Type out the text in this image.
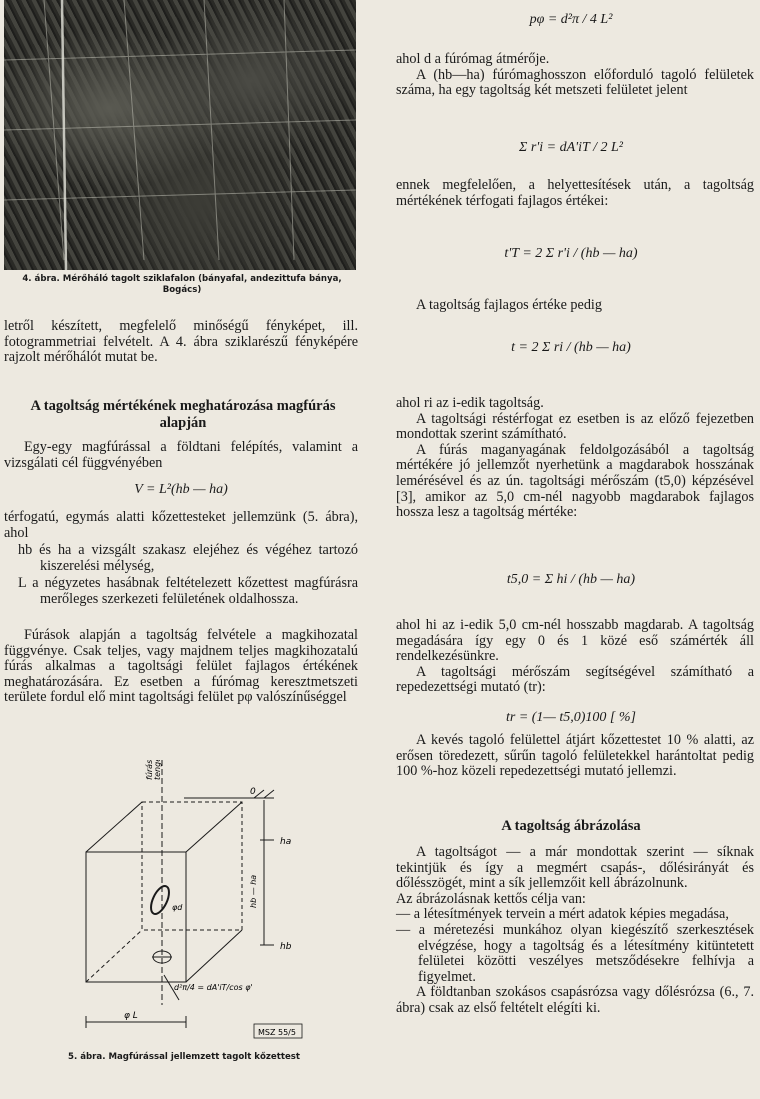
4. ábra. Mérőháló tagolt sziklafalon (bányafal, andezittufa bánya, Bogács)

letről készített, megfelelő minőségű fényképet, ill. fotogrammetriai felvételt. A 4. ábra sziklarészű fényképére rajzolt mérőhálót mutat be.

A tagoltság mértékének meghatározása magfúrás alapján

Egy-egy magfúrással a földtani felépítés, valamint a vizsgálati cél függvényében

V = L²(hb — ha)

térfogatú, egymás alatti kőzettesteket jellemzünk (5. ábra), ahol

hb és ha a vizsgált szakasz elejéhez és végéhez tartozó kiszerelési mélység,

L a négyzetes hasábnak feltételezett kőzettest magfúrásra merőleges szerkezeti felületének oldalhossza.

Fúrások alapján a tagoltság felvétele a magkihozatal függvénye. Csak teljes, vagy majdnem teljes magkihozatalú fúrás alkalmas a tagoltsági felület fajlagos értékének meghatározására. Ez esetben a fúrómag keresztmetszeti területe fordul elő mint tagoltsági felület pφ valószínűséggel

fúrás tengelye
0
ha
hb
hb — ha
φd
d²π/4 = dA'iT/cos φ'
φ L
MSZ 55/5
5. ábra. Magfúrással jellemzett tagolt kőzettest
pφ = d²π / 4 L²

ahol d a fúrómag átmérője.

A (hb—ha) fúrómaghosszon előforduló tagoló felületek száma, ha egy tagoltság két metszeti felületet jelent

Σ r'i = dA'iT / 2 L²

ennek megfelelően, a helyettesítések után, a tagoltság mértékének térfogati fajlagos értékei:

t'T = 2 Σ r'i / (hb — ha)

A tagoltság fajlagos értéke pedig

t = 2 Σ ri / (hb — ha)

ahol ri az i-edik tagoltság.

A tagoltsági réstérfogat ez esetben is az előző fejezetben mondottak szerint számítható.

A fúrás maganyagának feldolgozásából a tagoltság mértékére jó jellemzőt nyerhetünk a magdarabok hosszának lemérésével és az ún. tagoltsági mérőszám (t5,0) képzésével [3], amikor az 5,0 cm-nél nagyobb magdarabok fajlagos hossza lesz a tagoltság mértéke:

t5,0 = Σ hi / (hb — ha)

ahol hi az i-edik 5,0 cm-nél hosszabb magdarab. A tagoltság megadására így egy 0 és 1 közé eső számérték áll rendelkezésünkre.

A tagoltsági mérőszám segítségével számítható a repedezettségi mutató (tr):

tr = (1— t5,0)100 [ %]

A kevés tagoló felülettel átjárt kőzettestet 10 % alatti, az erősen töredezett, sűrűn tagoló felületekkel harántoltat pedig 100 %-hoz közeli repedezettségi mutató jellemzi.

A tagoltság ábrázolása

A tagoltságot — a már mondottak szerint — síknak tekintjük és így a megmért csapás-, dőlésirányát és dőlésszögét, mint a sík jellemzőit kell ábrázolnunk.

Az ábrázolásnak kettős célja van:

— a létesítmények tervein a mért adatok képies megadása,

— a méretezési munkához olyan kiegészítő szerkesztések elvégzése, hogy a tagoltság és a létesítmény kitüntetett felületei közötti veszélyes metsződésekre felhívja a figyelmet.

A földtanban szokásos csapásrózsa vagy dőlésrózsa (6., 7. ábra) csak az első feltételt elégíti ki.
